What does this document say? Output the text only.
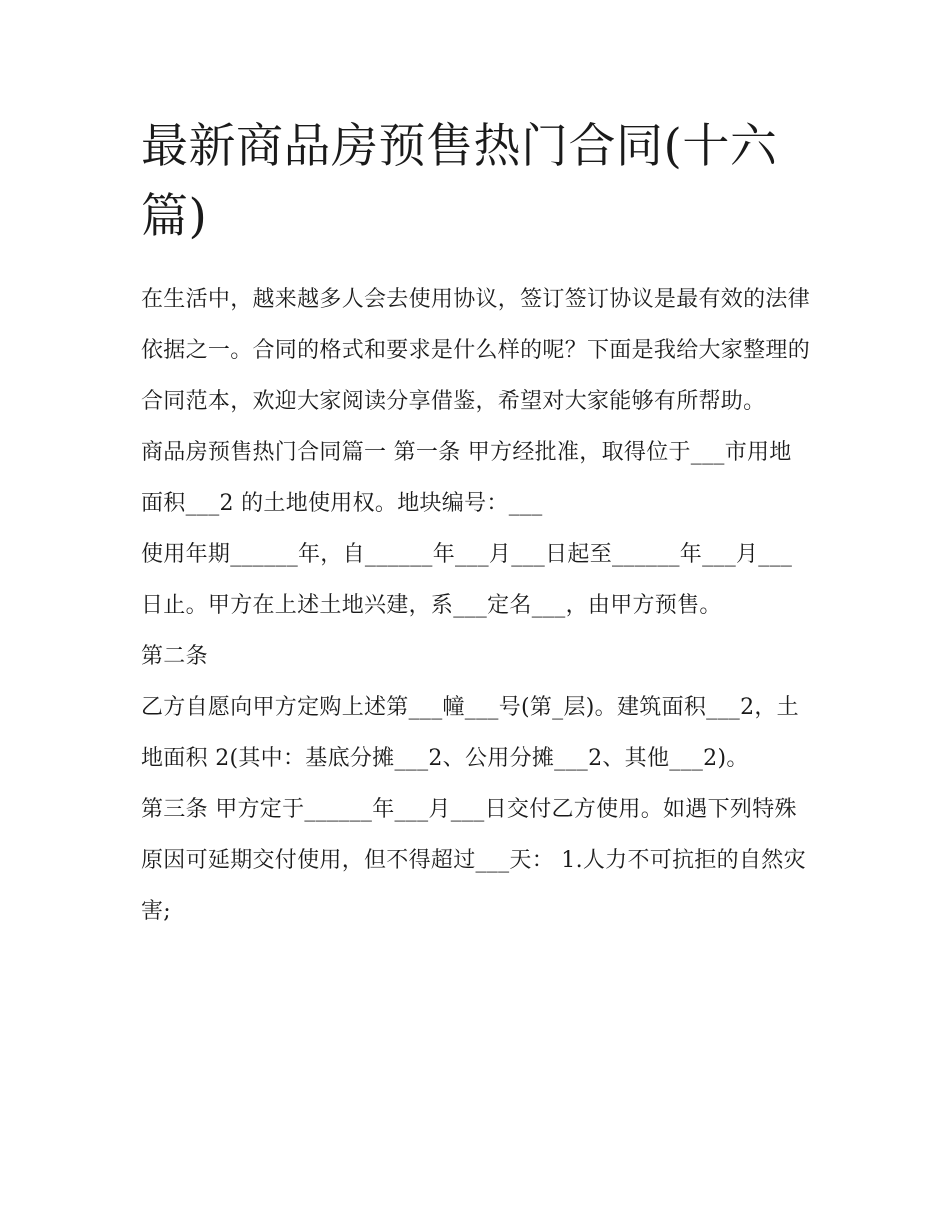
最新商品房预售热门合同(十六篇)

在生活中，越来越多人会去使用协议，签订签订协议是最有效的法律依据之一。合同的格式和要求是什么样的呢？下面是我给大家整理的合同范本，欢迎大家阅读分享借鉴，希望对大家能够有所帮助。

商品房预售热门合同篇一 第一条 甲方经批准，取得位于___市用地面积___2 的土地使用权。地块编号：___

使用年期______年，自______年___月___日起至______年___月___日止。甲方在上述土地兴建，系___定名___，由甲方预售。

第二条

乙方自愿向甲方定购上述第___幢___号(第_层)。建筑面积___2，土地面积 2(其中：基底分摊___2、公用分摊___2、其他___2)。

第三条 甲方定于______年___月___日交付乙方使用。如遇下列特殊原因可延期交付使用，但不得超过___天： 1.人力不可抗拒的自然灾害;
